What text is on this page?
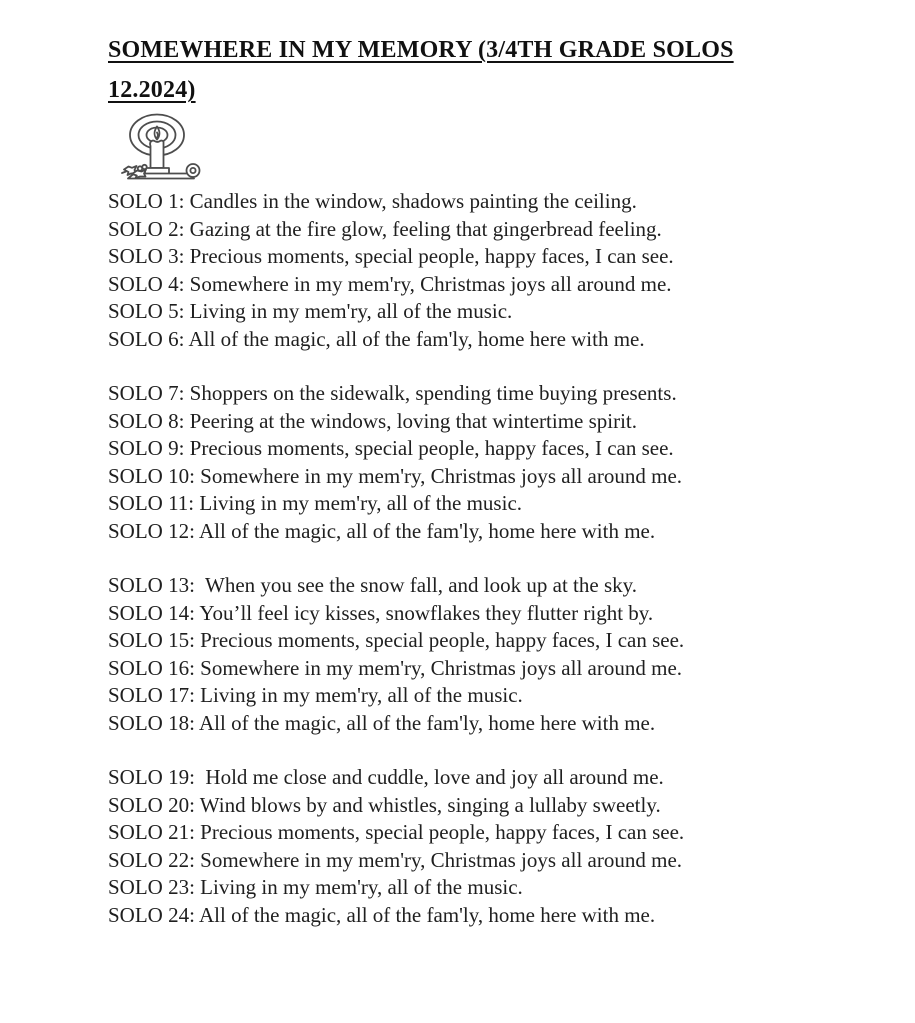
SOMEWHERE IN MY MEMORY (3/4TH GRADE SOLOS
12.2024)

SOLO 1: Candles in the window, shadows painting the ceiling.

SOLO 2: Gazing at the fire glow, feeling that gingerbread feeling.

SOLO 3: Precious moments, special people, happy faces, I can see.

SOLO 4: Somewhere in my mem'ry, Christmas joys all around me.

SOLO 5: Living in my mem'ry, all of the music.

SOLO 6: All of the magic, all of the fam'ly, home here with me.

SOLO 7: Shoppers on the sidewalk, spending time buying presents.

SOLO 8: Peering at the windows, loving that wintertime spirit.

SOLO 9: Precious moments, special people, happy faces, I can see.

SOLO 10: Somewhere in my mem'ry, Christmas joys all around me.

SOLO 11: Living in my mem'ry, all of the music.

SOLO 12: All of the magic, all of the fam'ly, home here with me.

SOLO 13:  When you see the snow fall, and look up at the sky.

SOLO 14: You’ll feel icy kisses, snowflakes they flutter right by.

SOLO 15: Precious moments, special people, happy faces, I can see.

SOLO 16: Somewhere in my mem'ry, Christmas joys all around me.

SOLO 17: Living in my mem'ry, all of the music.

SOLO 18: All of the magic, all of the fam'ly, home here with me.

SOLO 19:  Hold me close and cuddle, love and joy all around me.

SOLO 20: Wind blows by and whistles, singing a lullaby sweetly.

SOLO 21: Precious moments, special people, happy faces, I can see.

SOLO 22: Somewhere in my mem'ry, Christmas joys all around me.

SOLO 23: Living in my mem'ry, all of the music.

SOLO 24: All of the magic, all of the fam'ly, home here with me.
